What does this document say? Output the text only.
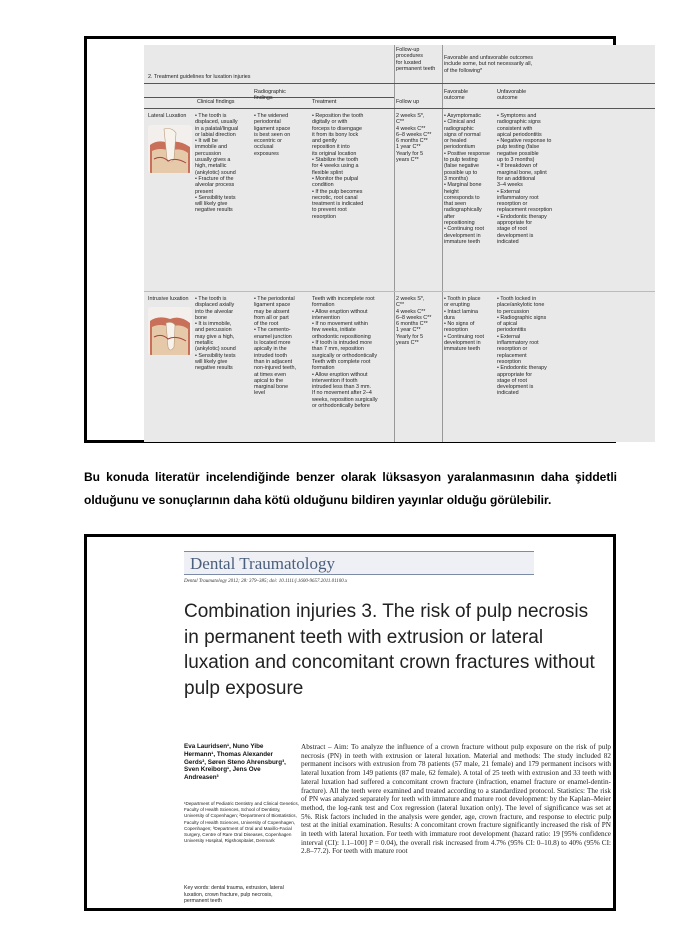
Follow-up
procedures
for luxated
permanent teeth
Favorable and unfavorable outcomes
include some, but not necessarily all,
of the following*
2. Treatment guidelines for luxation injuries
Clinical findings
Radiographic
findings
Treatment	Follow up
Favorable
outcome
Unfavorable
outcome
Lateral Luxation • The tooth is
displaced, usually
in a palatal/lingual
or labial direction
• It will be
immobile and
percussion
usually gives a
high, metallic
(ankylotic) sound
• Fracture of the
alveolar process
present
• Sensibility tests
will likely give
negative results
• The widened
periodontal
ligament space
is best seen on
eccentric or
occlusal
exposures
• Reposition the tooth
digitally or with
forceps to disengage
it from its bony lock
and gently
reposition it into
its original location
• Stabilize the tooth
for 4 weeks using a
flexible splint
• Monitor the pulpal
condition
• If the pulp becomes
necrotic, root canal
treatment is indicated
to prevent root
resorption
2 weeks S*,
C**
4 weeks C**
6–8 weeks C**
6 months C**
1 year C**
Yearly for 5
years C**
• Asymptomatic
• Clinical and
radiographic
signs of normal
or healed
periodontium
• Positive response
to pulp testing
(false negative
possible up to
3 months)
• Marginal bone
height
corresponds to
that seen
radiographically
after
repositioning
• Continuing root
development in
immature teeth
• Symptoms and
radiographic signs
consistent with
apical periodontitis
• Negative response to
pulp testing (false
negative possible
up to 3 months)
• If breakdown of
marginal bone, splint
for an additional
3–4 weeks
• External
inflammatory root
resorption or
replacement resorption
• Endodontic therapy
appropriate for
stage of root
development is
indicated
Intrusive luxation • The tooth is
displaced axially
into the alveolar
bone
• It is immobile,
and percussion
may give a high,
metallic
(ankylotic) sound
• Sensibility tests
will likely give
negative results
• The periodontal
ligament space
may be absent
from all or part
of the root
• The cemento-
enamel junction
is located more
apically in the
intruded tooth
than in adjacent
non-injured teeth,
at times even
apical to the
marginal bone
level
Teeth with incomplete root
formation
• Allow eruption without
intervention
• If no movement within
few weeks, initiate
orthodontic repositioning
• If tooth is intruded more
than 7 mm, reposition
surgically or orthodontically
Teeth with complete root
formation
• Allow eruption without
intervention if tooth
intruded less than 3 mm.
If no movement after 2–4
weeks, reposition surgically
or orthodontically before
2 weeks S*,
C**
4 weeks C**
6–8 weeks C**
6 months C**
1 year C**
Yearly for 5
years C**
• Tooth in place
or erupting
• Intact lamina
dura
• No signs of
resorption
• Continuing root
development in
immature teeth
• Tooth locked in
place/ankylotic tone
to percussion
• Radiographic signs
of apical
periodontitis
• External
inflammatory root
resorption or
replacement
resorption
• Endodontic therapy
appropriate for
stage of root
development is
indicated
Bu konuda literatür incelendiğinde benzer olarak lüksasyon yaralanmasının daha şiddetli olduğunu ve sonuçlarının daha kötü olduğunu bildiren yayınlar olduğu görülebilir.
Dental Traumatology
Dental Traumatology 2012; 28: 379–385; doi: 10.1111/j.1600-9657.2011.01100.x
Combination injuries 3. The risk of pulp necrosis in permanent teeth with extrusion or lateral luxation and concomitant crown fractures without pulp exposure
Eva Lauridsen¹, Nuno Yibe Hermann¹, Thomas Alexander Gerds², Søren Steno Ahrensburg³, Sven Kreiborg¹, Jens Ove Andreasen³
¹Department of Pediatric Dentistry and Clinical Genetics, Faculty of Health Sciences, School of Dentistry, University of Copenhagen; ²Department of Biostatistics, Faculty of Health Sciences, University of Copenhagen, Copenhagen; ³Department of Oral and Maxillo-Facial Surgery, Centre of Rare Oral Diseases, Copenhagen University Hospital, Rigshospitalet, Denmark
Key words: dental trauma, extrusion, lateral luxation, crown fracture, pulp necrosis, permanent teeth
Abstract – Aim: To analyze the influence of a crown fracture without pulp exposure on the risk of pulp necrosis (PN) in teeth with extrusion or lateral luxation. Material and methods: The study included 82 permanent incisors with extrusion from 78 patients (57 male, 21 female) and 179 permanent incisors with lateral luxation from 149 patients (87 male, 62 female). A total of 25 teeth with extrusion and 33 teeth with lateral luxation had suffered a concomitant crown fracture (infraction, enamel fracture or enamel-dentin-fracture). All the teeth were examined and treated according to a standardized protocol. Statistics: The risk of PN was analyzed separately for teeth with immature and mature root development: by the Kaplan–Meier method, the log-rank test and Cox regression (lateral luxation only). The level of significance was set at 5%. Risk factors included in the analysis were gender, age, crown fracture, and response to electric pulp test at the initial examination. Results: A concomitant crown fracture significantly increased the risk of PN in teeth with lateral luxation. For teeth with immature root development (hazard ratio: 19 [95% confidence interval (CI): 1.1–100] P = 0.04), the overall risk increased from 4.7% (95% CI: 0–10.8) to 40% (95% CI: 2.8–77.2). For teeth with mature root
